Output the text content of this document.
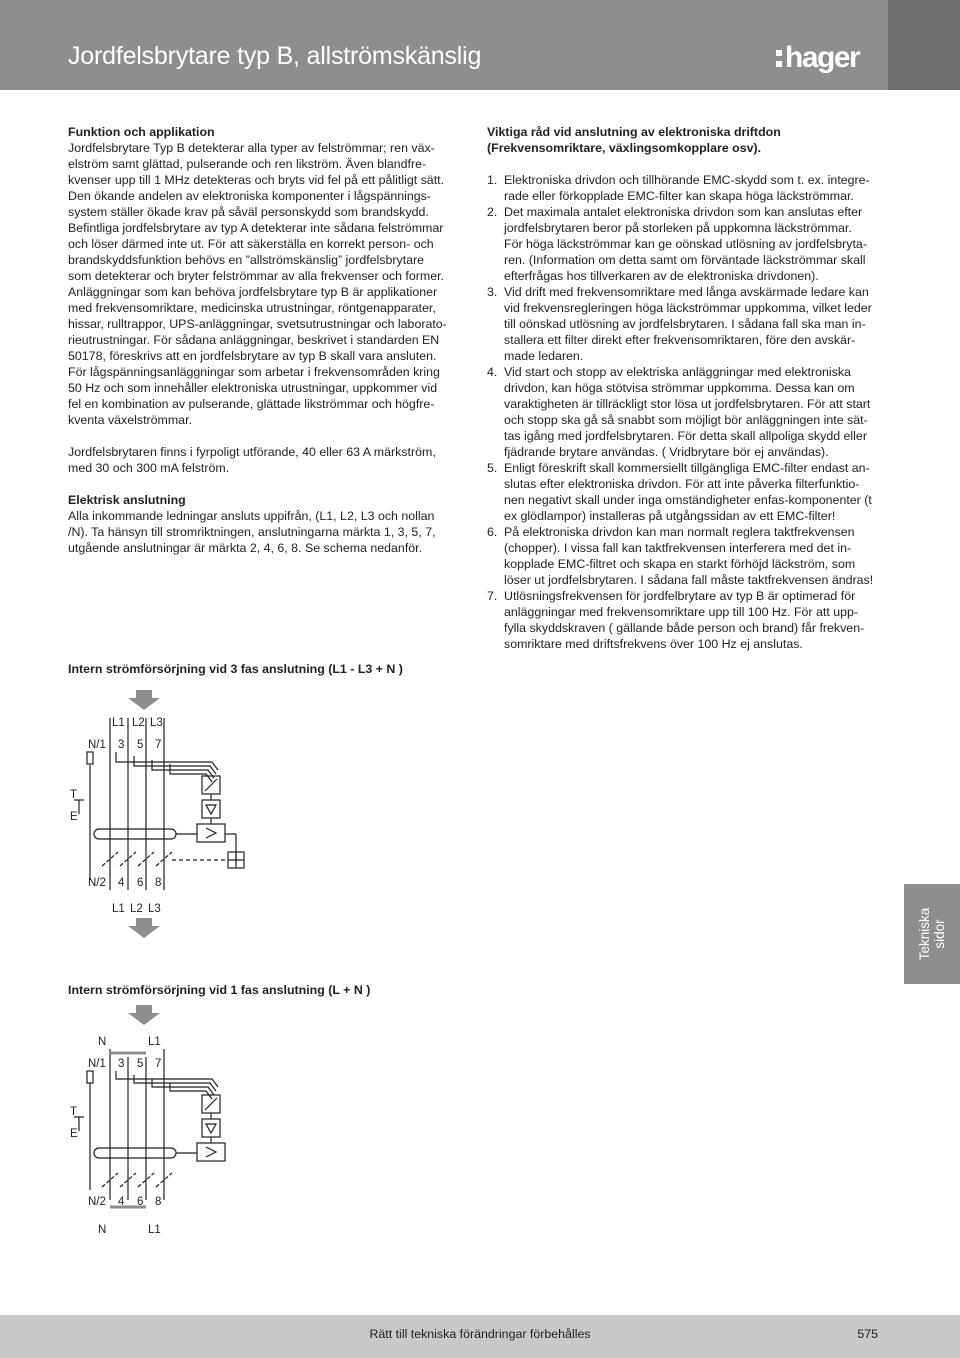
Jordfelsbrytare typ B, allströmskänslig	hager
Funktion och applikation

Jordfelsbrytare Typ B detekterar alla typer av felströmmar; ren väx-
elström samt glättad, pulserande och ren likström. Även blandfre-
kvenser upp till 1 MHz detekteras och bryts vid fel på ett pålitligt sätt.
Den ökande andelen av elektroniska komponenter i lågspännings-
system ställer ökade krav på såväl personskydd som brandskydd.
Befintliga jordfelsbrytare av typ A detekterar inte sådana felströmmar
och löser därmed inte ut. För att säkerställa en korrekt person- och
brandskyddsfunktion behövs en ”allströmskänslig” jordfelsbrytare
som detekterar och bryter felströmmar av alla frekvenser och former.
Anläggningar som kan behöva jordfelsbrytare typ B är applikationer
med frekvensomriktare, medicinska utrustningar, röntgenapparater,
hissar, rulltrappor, UPS-anläggningar, svetsutrustningar och laborato-
rieutrustningar. För sådana anläggningar, beskrivet i standarden EN
50178, föreskrivs att en jordfelsbrytare av typ B skall vara ansluten.
För lågspänningsanläggningar som arbetar i frekvensområden kring
50 Hz och som innehåller elektroniska utrustningar, uppkommer vid
fel en kombination av pulserande, glättade likströmmar och högfre-
kventa växelströmmar.

Jordfelsbrytaren finns i fyrpoligt utförande, 40 eller 63 A märkström,
med 30 och 300 mA felström.

Elektrisk anslutning

Alla inkommande ledningar ansluts uppifrån, (L1, L2, L3 och nollan
/N). Ta hänsyn till stromriktningen, anslutningarna märkta 1, 3, 5, 7,
utgående anslutningar är märkta 2, 4, 6, 8. Se schema nedanför.

Viktiga råd vid anslutning av elektroniska driftdon
(Frekvensomriktare, växlingsomkopplare osv).
1. Elektroniska drivdon och tillhörande EMC-skydd som t. ex. integre-
rade eller förkopplade EMC-filter kan skapa höga läckströmmar.
2. Det maximala antalet elektroniska drivdon som kan anslutas efter
jordfelsbrytaren beror på storleken på uppkomna läckströmmar.
För höga läckströmmar kan ge oönskad utlösning av jordfelsbryta-
ren. (Information om detta samt om förväntade läckströmmar skall
efterfrågas hos tillverkaren av de elektroniska drivdonen).
3. Vid drift med frekvensomriktare med långa avskärmade ledare kan
vid frekvensregleringen höga läckströmmar uppkomma, vilket leder
till oönskad utlösning av jordfelsbrytaren. I sådana fall ska man in-
stallera ett filter direkt efter frekvensomriktaren, före den avskär-
made ledaren.
4. Vid start och stopp av elektriska anläggningar med elektroniska
drivdon, kan höga stötvisa strömmar uppkomma. Dessa kan om
varaktigheten är tillräckligt stor lösa ut jordfelsbrytaren. För att start
och stopp ska gå så snabbt som möjligt bör anläggningen inte sät-
tas igång med jordfelsbrytaren. För detta skall allpoliga skydd eller
fjädrande brytare användas. ( Vridbrytare bör ej användas).
5. Enligt föreskrift skall kommersiellt tillgängliga EMC-filter endast an-
slutas efter elektroniska drivdon. För att inte påverka filterfunktio-
nen negativt skall under inga omständigheter enfas-komponenter (t
ex glödlampor) installeras på utgångssidan av ett EMC-filter!
6. På elektroniska drivdon kan man normalt reglera taktfrekvensen
(chopper). I vissa fall kan taktfrekvensen interferera med det in-
kopplade EMC-filtret och skapa en starkt förhöjd läckström, som
löser ut jordfelsbrytaren. I sådana fall måste taktfrekvensen ändras!
7. Utlösningsfrekvensen för jordfelbrytare av typ B är optimerad för
anläggningar med frekvensomriktare upp till 100 Hz. För att upp-
fylla skyddskraven ( gällande både person och brand) får frekven-
somriktare med driftsfrekvens över 100 Hz ej anslutas.
Intern strömförsörjning vid 3 fas anslutning (L1 - L3 + N )
L1 L2 L3
N/1 3 5 7
T
E
N/2 4 6 8
L1 L2 L3
Intern strömförsörjning vid 1 fas anslutning (L + N )
N	L1
N/1 3 5 7
T
E
N/2 4 6 8
N	L1
Tekniska
sidor
Rätt till tekniska förändringar förbehålles	575
